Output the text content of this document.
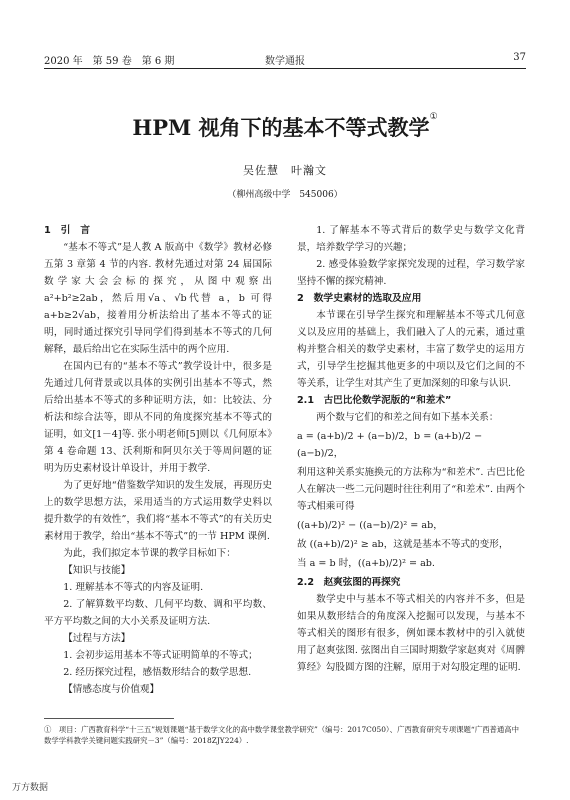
2020 年　第 59 卷　第 6 期	数学通报	37
HPM 视角下的基本不等式教学①
吴佐慧　叶瀚文
（柳州高级中学　545006）

1　引　言

“基本不等式”是人教 A 版高中《数学》教材必修五第 3 章第 4 节的内容. 教材先通过对第 24 届国际数学家大会会标的探究，从图中观察出 a²+b²≥2ab，然后用√a、√b代替 a，b 可得 a+b≥2√ab，接着用分析法给出了基本不等式的证明，同时通过探究引导同学们得到基本不等式的几何解释，最后给出它在实际生活中的两个应用.

在国内已有的“基本不等式”教学设计中，很多是先通过几何背景或以具体的实例引出基本不等式，然后给出基本不等式的多种证明方法，如：比较法、分析法和综合法等，即从不同的角度探究基本不等式的证明，如文[1－4]等. 张小明老师[5]则以《几何原本》第 4 卷命题 13、沃利斯和阿贝尔关于等周问题的证明为历史素材设计单设计，并用于教学.

为了更好地“借鉴数学知识的发生发展，再现历史上的数学思想方法，采用适当的方式运用数学史料以提升数学的有效性”，我们将“基本不等式”的有关历史素材用于教学，给出“基本不等式”的一节 HPM 课例.

为此，我们拟定本节课的教学目标如下：

【知识与技能】

1. 理解基本不等式的内容及证明.

2. 了解算数平均数、几何平均数、调和平均数、平方平均数之间的大小关系及证明方法.

【过程与方法】

1. 会初步运用基本不等式证明简单的不等式；

2. 经历探究过程，感悟数形结合的数学思想.

【情感态度与价值观】

1. 了解基本不等式背后的数学史与数学文化背景，培养数学学习的兴趣；

2. 感受体验数学家探究发现的过程，学习数学家坚持不懈的探究精神.

2　数学史素材的选取及应用

本节课在引导学生探究和理解基本不等式几何意义以及应用的基础上，我们融入了人的元素，通过重构并整合相关的数学史素材，丰富了数学史的运用方式，引导学生挖掘其他更多的中项以及它们之间的不等关系，让学生对其产生了更加深刻的印象与认识.

2.1　古巴比伦数学泥版的“和差术”

两个数与它们的和差之间有如下基本关系：

a = (a+b)/2 + (a−b)/2，b = (a+b)/2 − (a−b)/2，

利用这种关系实施换元的方法称为“和差术”. 古巴比伦人在解决一些二元问题时往往利用了“和差术”. 由两个等式相乘可得

((a+b)/2)² − ((a−b)/2)² = ab，

故 ((a+b)/2)² ≥ ab，这就是基本不等式的变形，

当 a = b 时，((a+b)/2)² = ab.

2.2　赵爽弦图的再探究

数学史中与基本不等式相关的内容并不多，但是如果从数形结合的角度深入挖掘可以发现，与基本不等式相关的图形有很多，例如课本教材中的引入就使用了赵爽弦图. 弦图出自三国时期数学家赵爽对《周髀算经》勾股圆方图的注解，原用于对勾股定理的证明.

①　项目：广西教育科学“十三五”规划课题“基于数学文化的高中数学课堂教学研究”（编号：2017C050）、广西教育研究专项课题“广西普通高中数学学科教学关键问题实践研究－3”（编号：2018ZJY224）.
万方数据
